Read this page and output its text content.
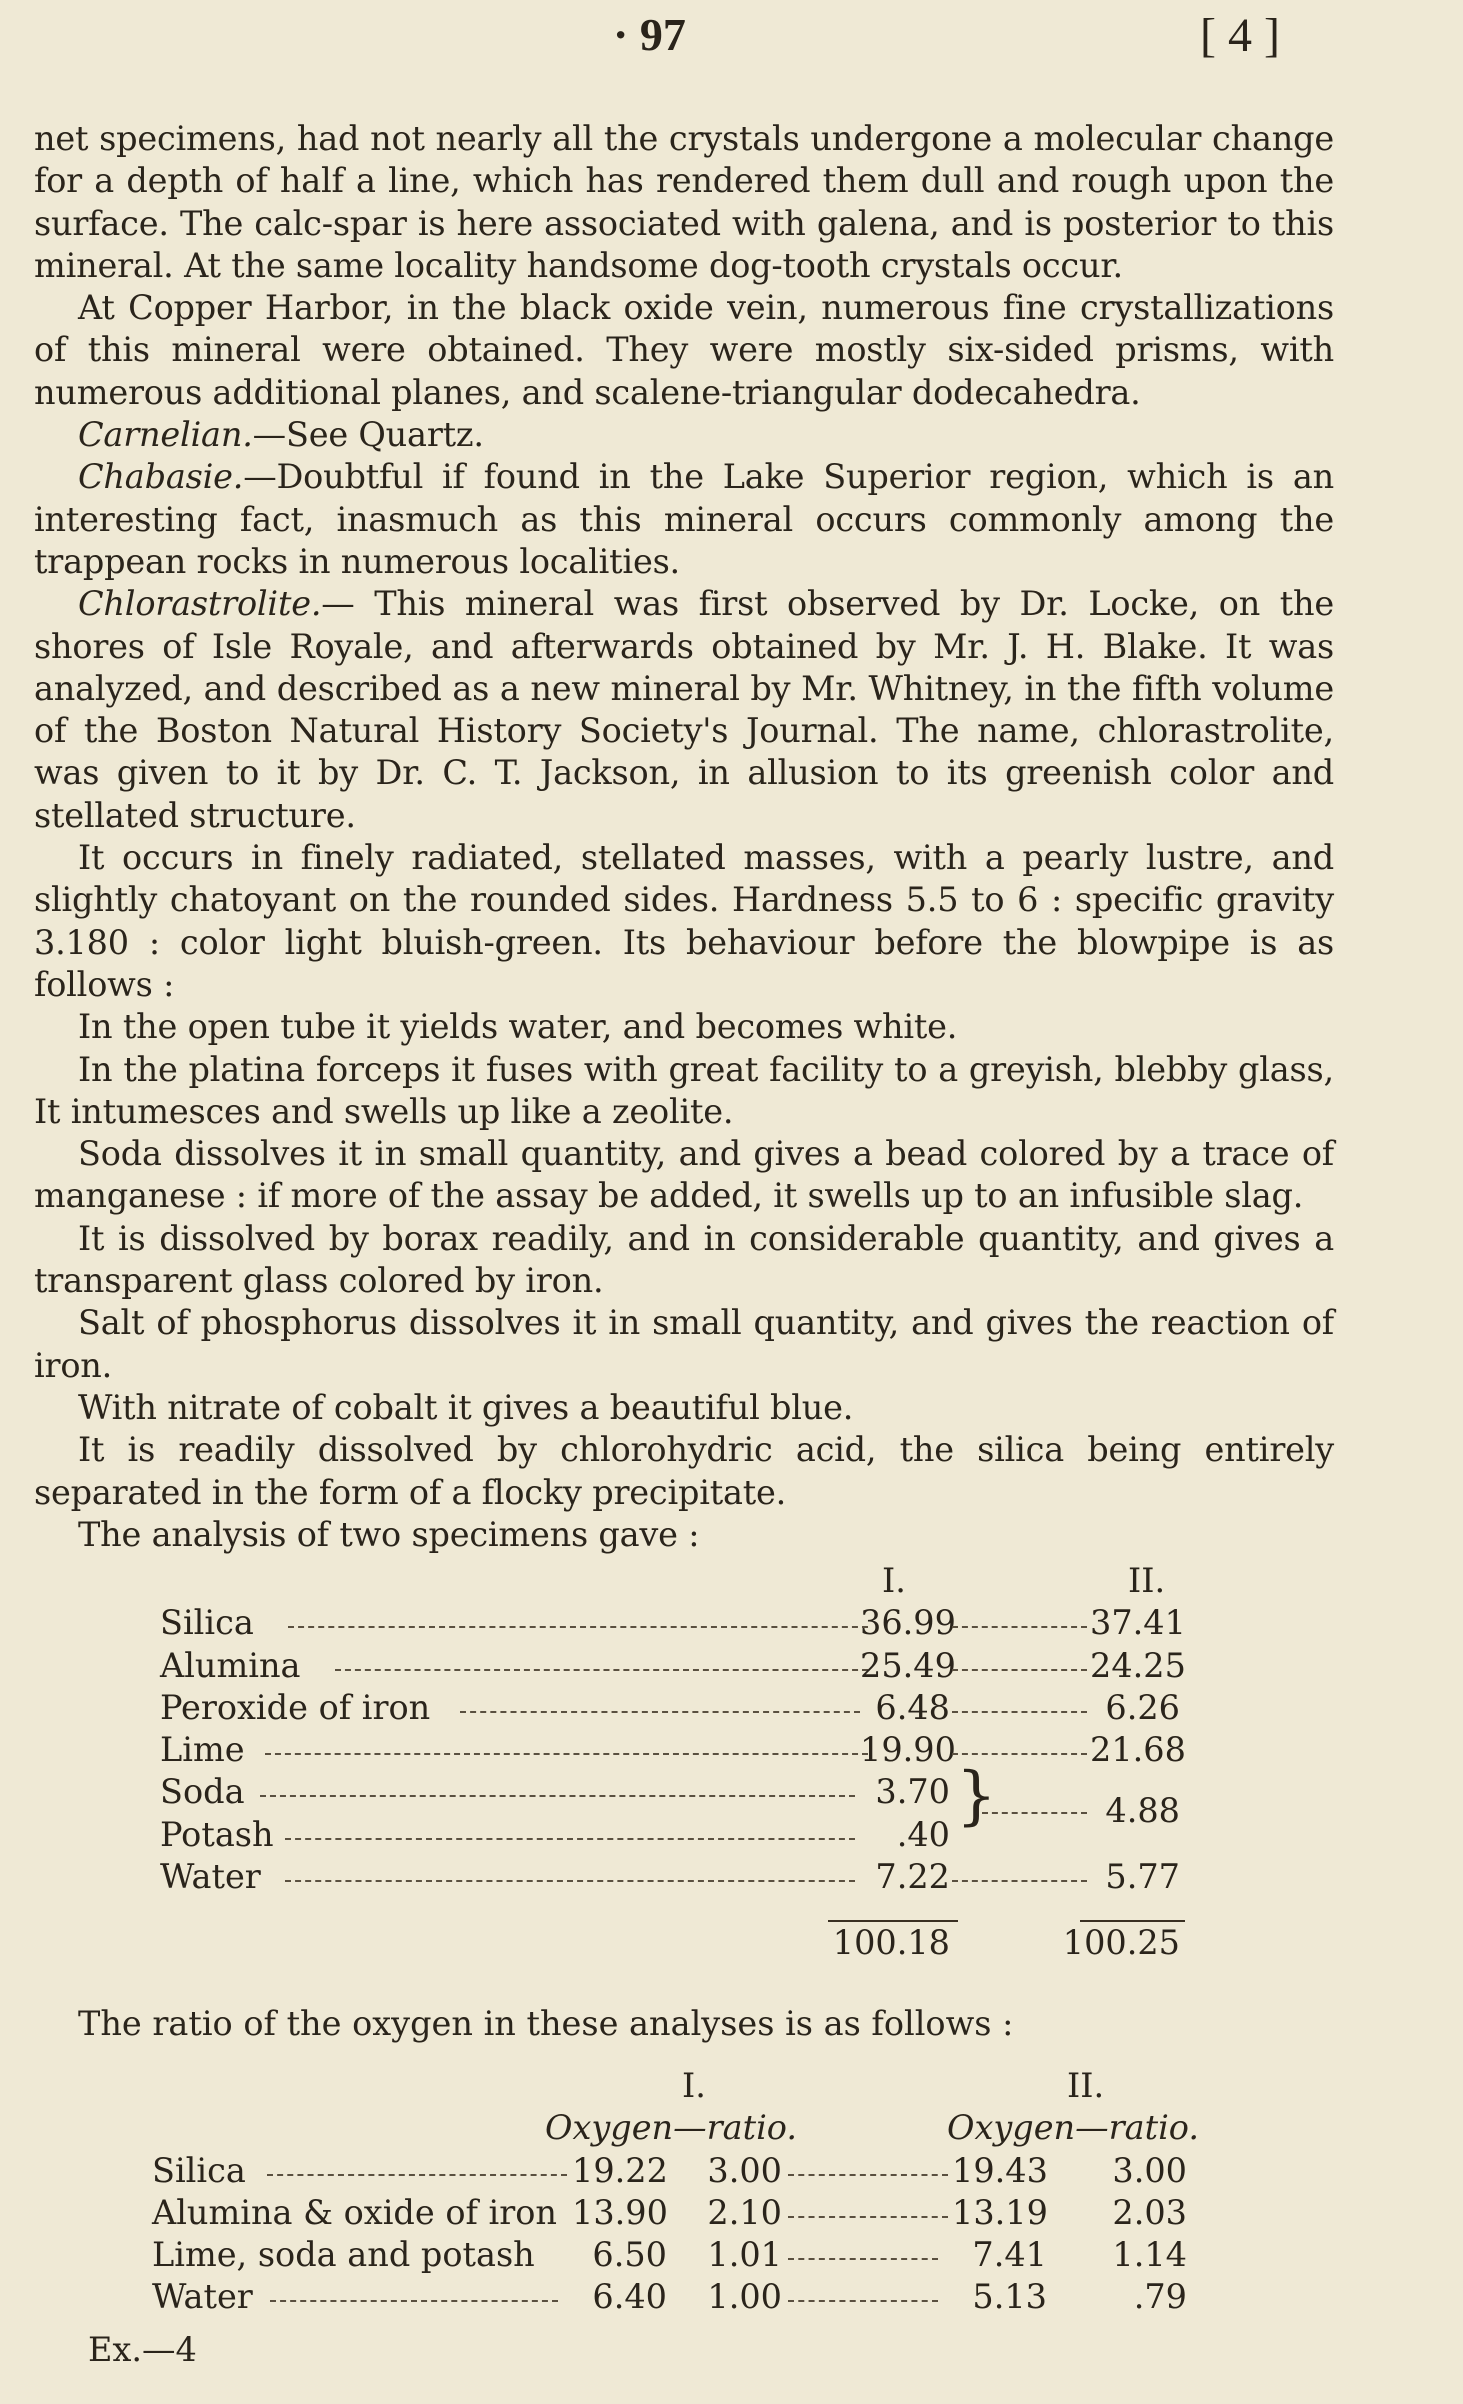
· 97	[ 4 ]

net specimens, had not nearly all the crystals undergone a molecular change for a depth of half a line, which has rendered them dull and rough upon the surface. The calc-spar is here associated with galena, and is posterior to this mineral. At the same locality handsome dog-tooth crystals occur.

At Copper Harbor, in the black oxide vein, numerous fine crystallizations of this mineral were obtained. They were mostly six-sided prisms, with numerous additional planes, and scalene-triangular dodecahedra.

Carnelian.—See Quartz.

Chabasie.—Doubtful if found in the Lake Superior region, which is an interesting fact, inasmuch as this mineral occurs commonly among the trappean rocks in numerous localities.

Chlorastrolite.— This mineral was first observed by Dr. Locke, on the shores of Isle Royale, and afterwards obtained by Mr. J. H. Blake. It was analyzed, and described as a new mineral by Mr. Whitney, in the fifth volume of the Boston Natural History Society's Journal. The name, chlorastrolite, was given to it by Dr. C. T. Jackson, in allusion to its greenish color and stellated structure.

It occurs in finely radiated, stellated masses, with a pearly lustre, and slightly chatoyant on the rounded sides. Hardness 5.5 to 6 : specific gravity 3.180 : color light bluish-green. Its behaviour before the blowpipe is as follows :

In the open tube it yields water, and becomes white.

In the platina forceps it fuses with great facility to a greyish, blebby glass, It intumesces and swells up like a zeolite.

Soda dissolves it in small quantity, and gives a bead colored by a trace of manganese : if more of the assay be added, it swells up to an infusible slag.

It is dissolved by borax readily, and in considerable quantity, and gives a transparent glass colored by iron.

Salt of phosphorus dissolves it in small quantity, and gives the reaction of iron.

With nitrate of cobalt it gives a beautiful blue.

It is readily dissolved by chlorohydric acid, the silica being entirely separated in the form of a flocky precipitate.

The analysis of two specimens gave :

I.	II.
Silica	36.99	37.41
Alumina	25.49	24.25
Peroxide of iron	6.48	6.26
Lime	19.90	21.68
Soda	3.70
Potash	.40
}	4.88
Water	7.22	5.77
100.18	100.25
The ratio of the oxygen in these analyses is as follows :
I.	II.
Oxygen—ratio.	Oxygen—ratio.
Silica	19.22 3.00	19.43 3.00
Alumina & oxide of iron 13.90 2.10	13.19 2.03
Lime, soda and potash	6.50 1.01	7.41 1.14
Water	6.40 1.00	5.13	.79
Ex.—4
